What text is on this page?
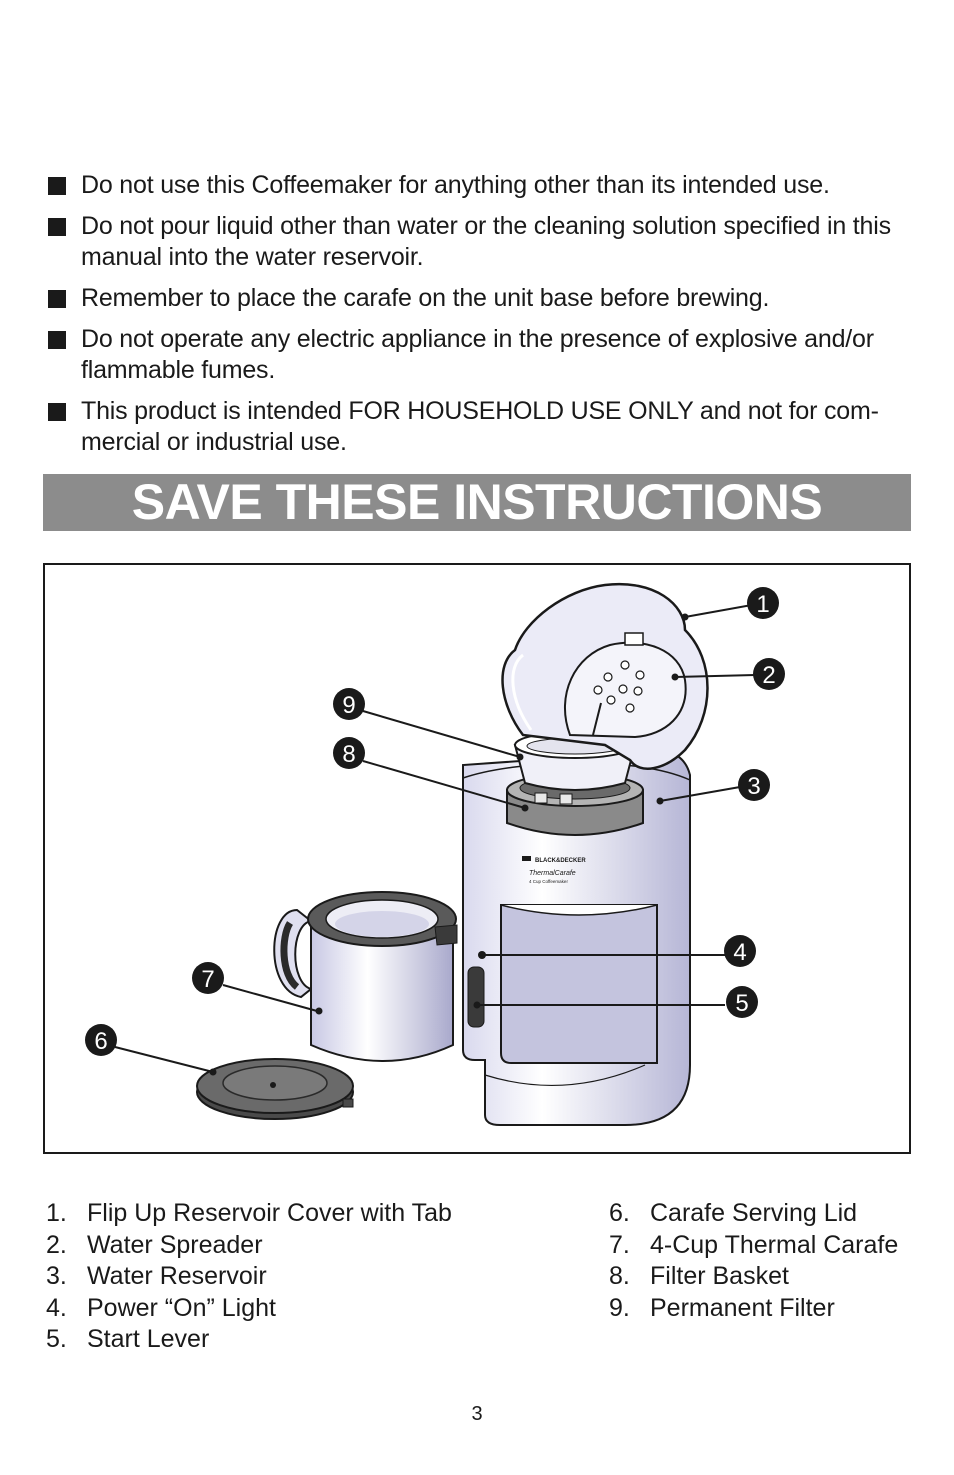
Do not use this Coffeemaker for anything other than its intended use.
Do not pour liquid other than water or the cleaning solution specified in this manual into the water reservoir.
Remember to place the carafe on the unit base before brewing.
Do not operate any electric appliance in the presence of explosive and/or flammable fumes.
This product is intended FOR HOUSEHOLD USE ONLY and not for com-mercial or industrial use.
SAVE THESE INSTRUCTIONS
BLACK&DECKER
ThermalCarafe
4 Cup Coffeemaker
1
2
3
4
5
6
7
8
9
1. Flip Up Reservoir Cover with Tab
2. Water Spreader
3. Water Reservoir
4. Power “On” Light
5. Start Lever
6. Carafe Serving Lid
7. 4-Cup Thermal Carafe
8. Filter Basket
9. Permanent Filter
3
